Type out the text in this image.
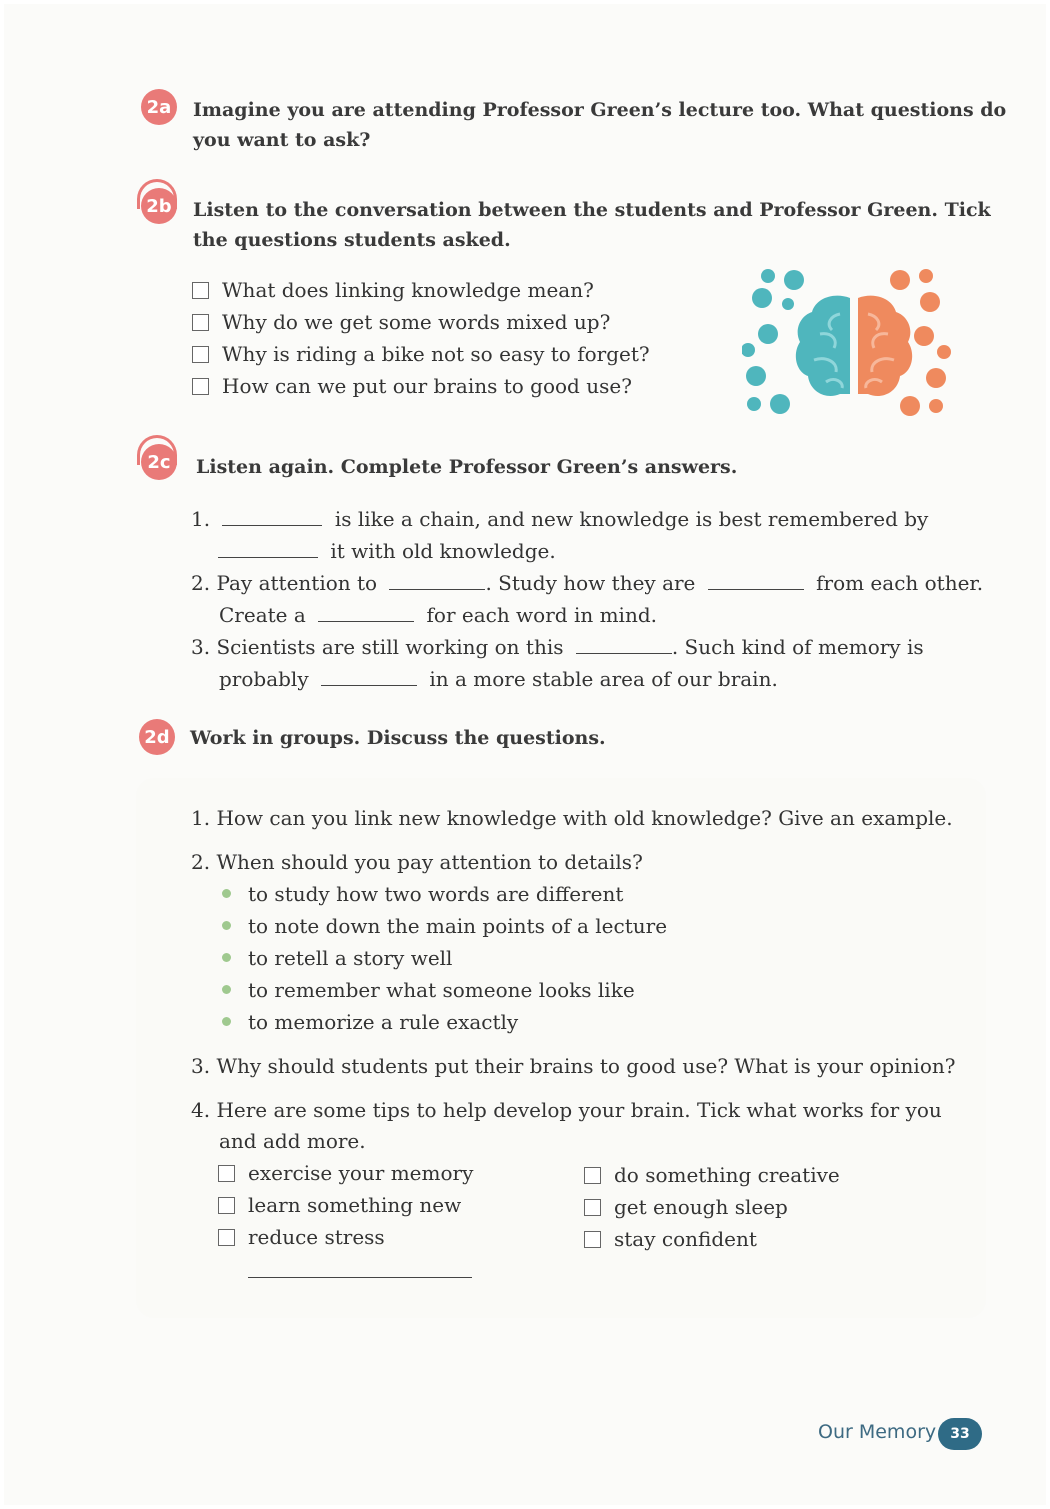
2a Imagine you are attending Professor Green’s lecture too. What questions do
you want to ask?
2b Listen to the conversation between the students and Professor Green. Tick
the questions students asked.
What does linking knowledge mean?
Why do we get some words mixed up?
Why is riding a bike not so easy to forget?
How can we put our brains to good use?
2c	Listen again. Complete Professor Green’s answers.
1.	is like a chain, and new knowledge is best remembered by
it with old knowledge.
2. Pay attention to	. Study how they are	from each other.
Create a	for each word in mind.
3. Scientists are still working on this	. Such kind of memory is
probably	in a more stable area of our brain.
2d Work in groups. Discuss the questions.
1. How can you link new knowledge with old knowledge? Give an example.
2. When should you pay attention to details?
to study how two words are different
to note down the main points of a lecture
to retell a story well
to remember what someone looks like
to memorize a rule exactly
3. Why should students put their brains to good use? What is your opinion?
4. Here are some tips to help develop your brain. Tick what works for you
and add more.
exercise your memory
learn something new
reduce stress
do something creative
get enough sleep
stay confident
Our Memory	33
